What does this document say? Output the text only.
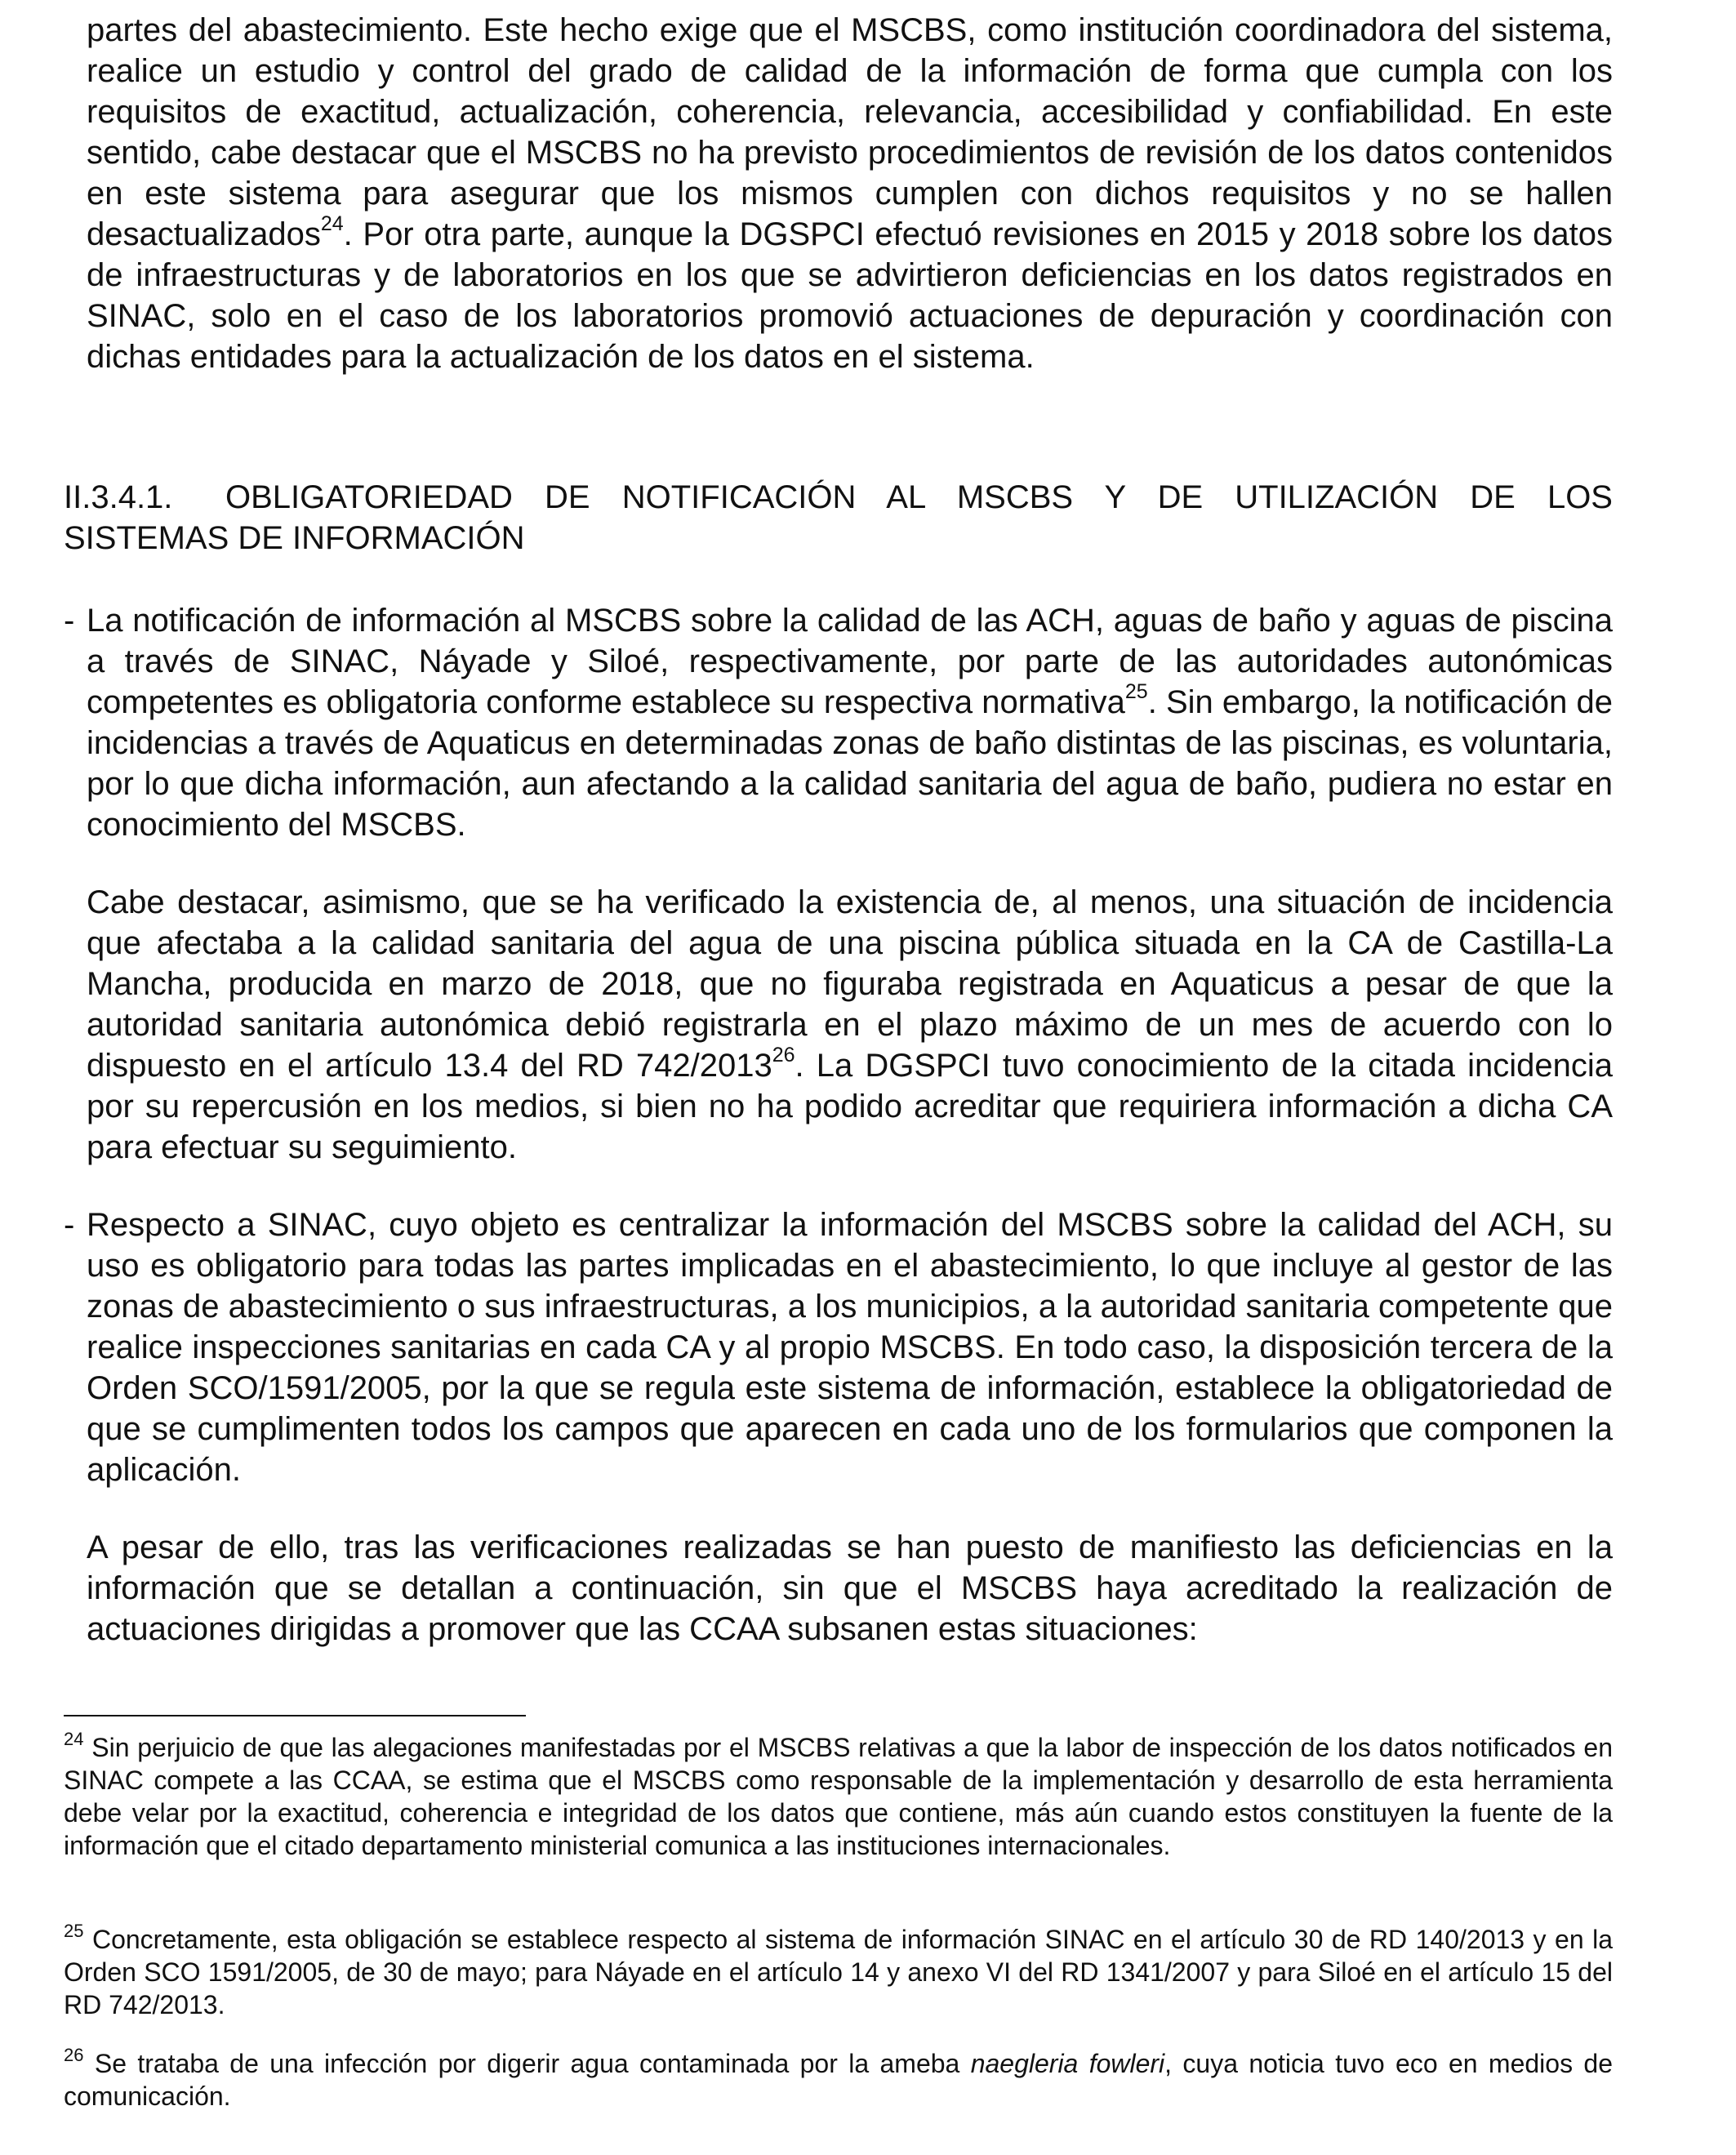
partes del abastecimiento. Este hecho exige que el MSCBS, como institución coordinadora del sistema, realice un estudio y control del grado de calidad de la información de forma que cumpla con los requisitos de exactitud, actualización, coherencia, relevancia, accesibilidad y confiabilidad. En este sentido, cabe destacar que el MSCBS no ha previsto procedimientos de revisión de los datos contenidos en este sistema para asegurar que los mismos cumplen con dichos requisitos y no se hallen desactualizados$^{24}$. Por otra parte, aunque la DGSPCI efectuó revisiones en 2015 y 2018 sobre los datos de infraestructuras y de laboratorios en los que se advirtieron deficiencias en los datos registrados en SINAC, solo en el caso de los laboratorios promovió actuaciones de depuración y coordinación con dichas entidades para la actualización de los datos en el sistema.

II.3.4.1. OBLIGATORIEDAD DE NOTIFICACIÓN AL MSCBS Y DE UTILIZACIÓN DE LOS
SISTEMAS DE INFORMACIÓN
- La notificación de información al MSCBS sobre la calidad de las ACH, aguas de baño y aguas de piscina a través de SINAC, Náyade y Siloé, respectivamente, por parte de las autoridades autonómicas competentes es obligatoria conforme establece su respectiva normativa$^{25}$. Sin embargo, la notificación de incidencias a través de Aquaticus en determinadas zonas de baño distintas de las piscinas, es voluntaria, por lo que dicha información, aun afectando a la calidad sanitaria del agua de baño, pudiera no estar en conocimiento del MSCBS.

Cabe destacar, asimismo, que se ha verificado la existencia de, al menos, una situación de incidencia que afectaba a la calidad sanitaria del agua de una piscina pública situada en la CA de Castilla-La Mancha, producida en marzo de 2018, que no figuraba registrada en Aquaticus a pesar de que la autoridad sanitaria autonómica debió registrarla en el plazo máximo de un mes de acuerdo con lo dispuesto en el artículo 13.4 del RD 742/2013$^{26}$. La DGSPCI tuvo conocimiento de la citada incidencia por su repercusión en los medios, si bien no ha podido acreditar que requiriera información a dicha CA para efectuar su seguimiento.

- Respecto a SINAC, cuyo objeto es centralizar la información del MSCBS sobre la calidad del ACH, su uso es obligatorio para todas las partes implicadas en el abastecimiento, lo que incluye al gestor de las zonas de abastecimiento o sus infraestructuras, a los municipios, a la autoridad sanitaria competente que realice inspecciones sanitarias en cada CA y al propio MSCBS. En todo caso, la disposición tercera de la Orden SCO/1591/2005, por la que se regula este sistema de información, establece la obligatoriedad de que se cumplimenten todos los campos que aparecen en cada uno de los formularios que componen la aplicación.

A pesar de ello, tras las verificaciones realizadas se han puesto de manifiesto las deficiencias en la información que se detallan a continuación, sin que el MSCBS haya acreditado la realización de actuaciones dirigidas a promover que las CCAA subsanen estas situaciones:

$^{24}$ Sin perjuicio de que las alegaciones manifestadas por el MSCBS relativas a que la labor de inspección de los datos notificados en SINAC compete a las CCAA, se estima que el MSCBS como responsable de la implementación y desarrollo de esta herramienta debe velar por la exactitud, coherencia e integridad de los datos que contiene, más aún cuando estos constituyen la fuente de la información que el citado departamento ministerial comunica a las instituciones internacionales.

$^{25}$ Concretamente, esta obligación se establece respecto al sistema de información SINAC en el artículo 30 de RD 140/2013 y en la Orden SCO 1591/2005, de 30 de mayo; para Náyade en el artículo 14 y anexo VI del RD 1341/2007 y para Siloé en el artículo 15 del RD 742/2013.

$^{26}$ Se trataba de una infección por digerir agua contaminada por la ameba naegleria fowleri, cuya noticia tuvo eco en medios de comunicación.
